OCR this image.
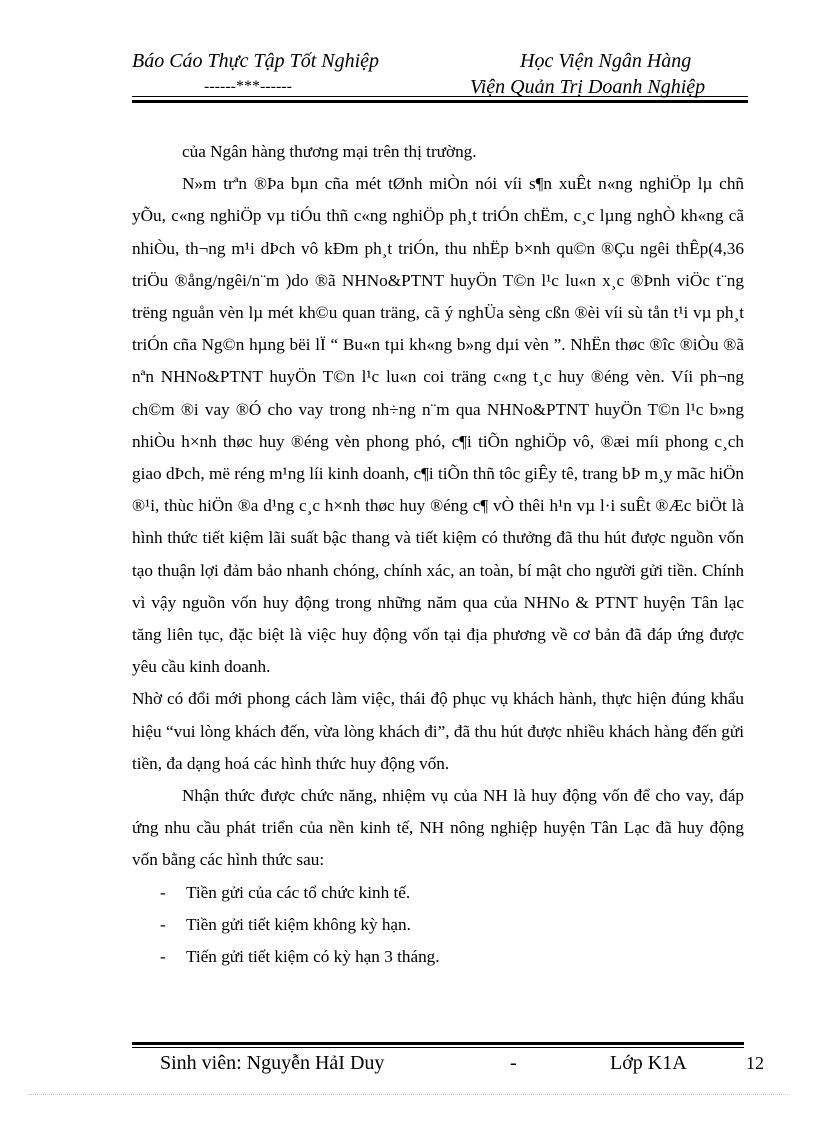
Báo Cáo Thực Tập Tốt Nghiệp
------***------
Học Viện Ngân Hàng
Viện Quản Trị Doanh Nghiệp

của Ngân hàng thương mại trên thị trường.

N»m trªn ®Þa bµn cña mét tØnh miÒn nói víi s¶n xuÊt n«ng nghiÖp lµ chñ yÕu, c«ng nghiÖp vµ tiÓu thñ c«ng nghiÖp ph¸t triÓn chËm, c¸c lµng nghÒ kh«ng cã nhiÒu, th¬ng m¹i dÞch vô kÐm ph¸t triÓn, thu nhËp b×nh qu©n ®Çu ngêi thÊp(4,36 triÖu ®ång/ngêi/n¨m )do ®ã NHNo&PTNT huyÖn T©n l¹c lu«n x¸c ®Þnh viÖc t¨ng trëng nguån vèn lµ mét kh©u quan träng, cã ý nghÜa sèng cßn ®èi víi sù tån t¹i vµ ph¸t triÓn cña Ng©n hµng bëi lÏ “ Bu«n tµi kh«ng b»ng dµi vèn ”. NhËn thøc ®îc ®iÒu ®ã nªn NHNo&PTNT huyÖn T©n l¹c lu«n coi träng c«ng t¸c huy ®éng vèn. Víi ph¬ng ch©m ®i vay ®Ó cho vay trong nh÷ng n¨m qua NHNo&PTNT huyÖn T©n l¹c b»ng nhiÒu h×nh thøc huy ®éng vèn phong phó, c¶i tiÕn nghiÖp vô, ®æi míi phong c¸ch giao dÞch, më réng m¹ng líi kinh doanh, c¶i tiÕn thñ tôc giÊy tê, trang bÞ m¸y mãc hiÖn ®¹i, thùc hiÖn ®a d¹ng c¸c h×nh thøc huy ®éng c¶ vÒ thêi h¹n vµ l·i suÊt ®Æc biÖt là hình thức tiết kiệm lãi suất bậc thang và tiết kiệm có thưởng đã thu hút được nguồn vốn tạo thuận lợi đảm bảo nhanh chóng, chính xác, an toàn, bí mật cho người gửi tiền. Chính vì vậy nguồn vốn huy động trong những năm qua của NHNo & PTNT huyện Tân lạc tăng liên tục, đặc biệt là việc huy động vốn tại địa phương về cơ bản đã đáp ứng được yêu cầu kinh doanh.

Nhờ có đổi mới phong cách làm việc, thái độ phục vụ khách hành, thực hiện đúng khẩu hiệu “vui lòng khách đến, vừa lòng khách đi”, đã thu hút được nhiều khách hàng đến gửi tiền, đa dạng hoá các hình thức huy động vốn.

Nhận thức được chức năng, nhiệm vụ của NH là huy động vốn để cho vay, đáp ứng nhu cầu phát triển của nền kinh tế, NH nông nghiệp huyện Tân Lạc đã huy động vốn bằng các hình thức sau:

- Tiền gửi của các tổ chức kinh tế.
- Tiền gửi tiết kiệm không kỳ hạn.
- Tiến gửi tiết kiệm có kỳ hạn 3 tháng.
Sinh viên: Nguyễn HảI Duy	-	Lớp K1A	12
